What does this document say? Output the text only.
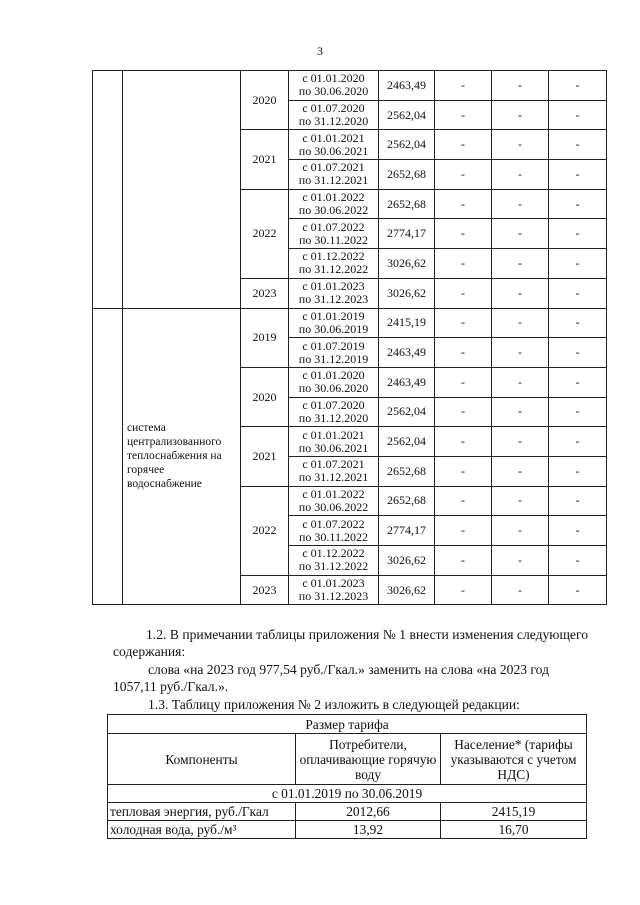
3
		2020	с 01.01.2020
по 30.06.2020	2463,49	-	-	-

			с 01.07.2020
по 31.12.2020	2562,04	-	-	-
		2021	с 01.01.2021
по 30.06.2021	2562,04	-	-	-

			с 01.07.2021
по 31.12.2021	2652,68	-	-	-
		2022	с 01.01.2022
по 30.06.2022	2652,68	-	-	-

			с 01.07.2022
по 30.11.2022	2774,17	-	-	-

			с 01.12.2022
по 31.12.2022	3026,62	-	-	-
		2023	с 01.01.2023
по 31.12.2023	3026,62	-	-	-
	система централизованного теплоснабжения на горячее водоснабжение	2019	с 01.01.2019
по 30.06.2019	2415,19	-	-	-

			с 01.07.2019
по 31.12.2019	2463,49	-	-	-
		2020	с 01.01.2020
по 30.06.2020	2463,49	-	-	-

			с 01.07.2020
по 31.12.2020	2562,04	-	-	-
		2021	с 01.01.2021
по 30.06.2021	2562,04	-	-	-

			с 01.07.2021
по 31.12.2021	2652,68	-	-	-
		2022	с 01.01.2022
по 30.06.2022	2652,68	-	-	-

			с 01.07.2022
по 30.11.2022	2774,17	-	-	-

			с 01.12.2022
по 31.12.2022	3026,62	-	-	-
		2023	с 01.01.2023
по 31.12.2023	3026,62	-	-	-
1.2. В примечании таблицы приложения № 1 внести изменения следующего содержания:
слова «на 2023 год 977,54 руб./Гкал.» заменить на слова «на 2023 год 1057,11 руб./Гкал.».
1.3. Таблицу приложения № 2 изложить в следующей редакции:
Размер тарифа		
Компоненты	Потребители, оплачивающие горячую воду	Население* (тарифы указываются с учетом НДС)
с 01.01.2019 по 30.06.2019		
тепловая энергия, руб./Гкал	2012,66	2415,19
холодная вода, руб./м³	13,92	16,70
